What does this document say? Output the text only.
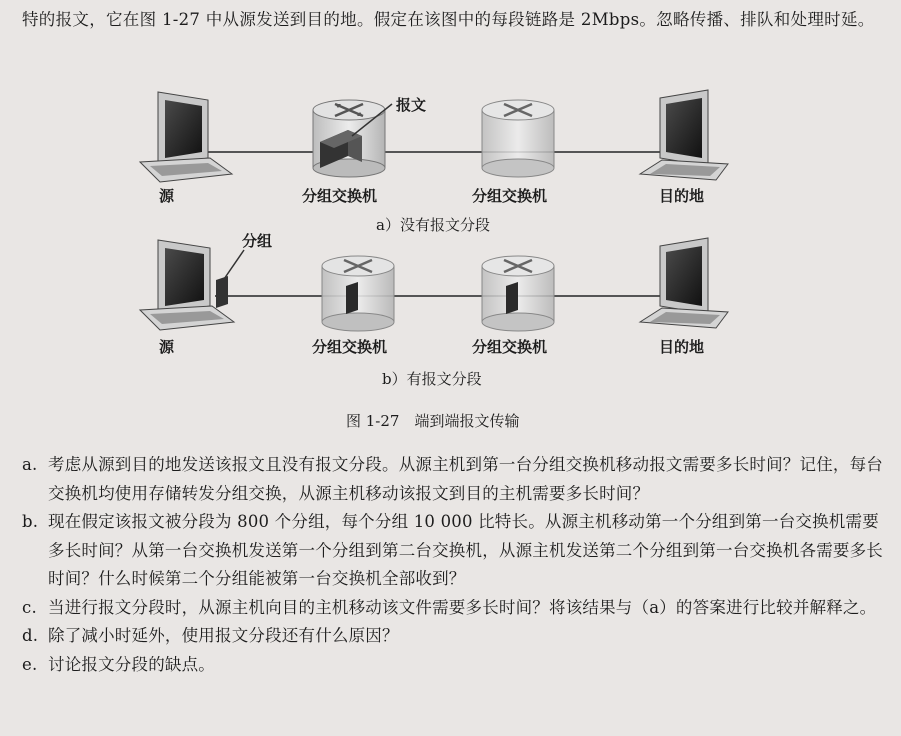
特的报文，它在图 1-27 中从源发送到目的地。假定在该图中的每段链路是 2Mbps。忽略传播、排队和处理时延。
源	分组交换机	分组交换机	目的地
报文
a）没有报文分段
分组
源	分组交换机	分组交换机	目的地
b）有报文分段
图 1-27　端到端报文传输
a. 考虑从源到目的地发送该报文且没有报文分段。从源主机到第一台分组交换机移动报文需要多长时间？记住，每台交换机均使用存储转发分组交换，从源主机移动该报文到目的主机需要多长时间？
b. 现在假定该报文被分段为 800 个分组，每个分组 10 000 比特长。从源主机移动第一个分组到第一台交换机需要多长时间？从第一台交换机发送第一个分组到第二台交换机，从源主机发送第二个分组到第一台交换机各需要多长时间？什么时候第二个分组能被第一台交换机全部收到？
c. 当进行报文分段时，从源主机向目的主机移动该文件需要多长时间？将该结果与（a）的答案进行比较并解释之。
d. 除了减小时延外，使用报文分段还有什么原因？
e. 讨论报文分段的缺点。
